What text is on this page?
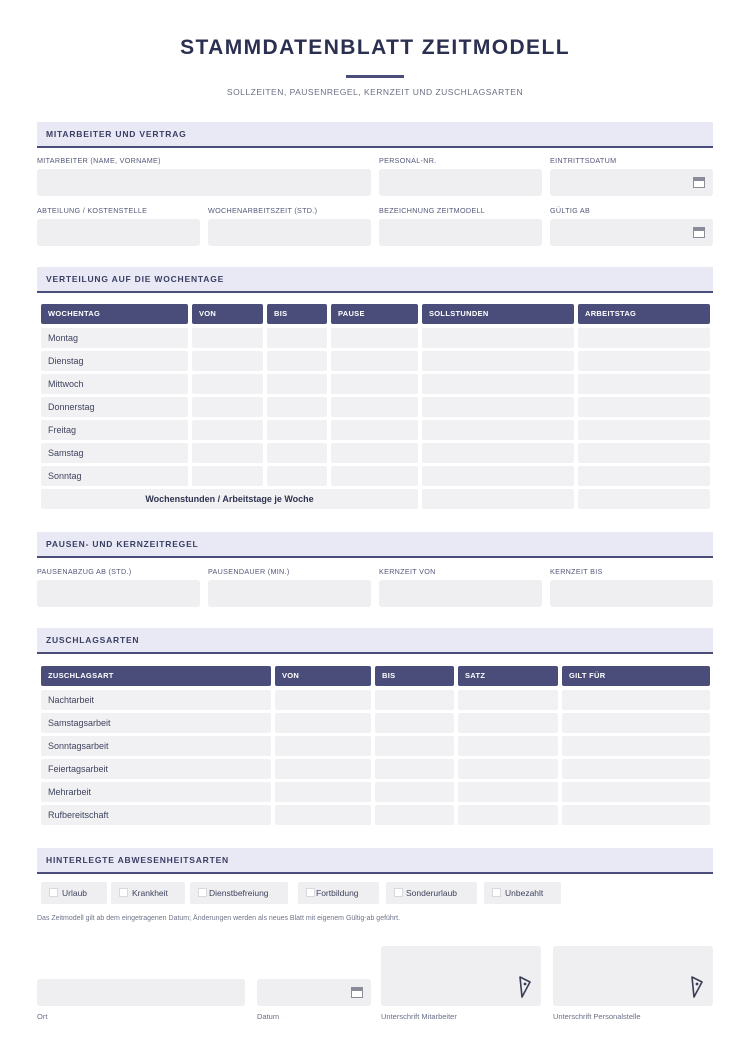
STAMMDATENBLATT ZEITMODELL
SOLLZEITEN, PAUSENREGEL, KERNZEIT UND ZUSCHLAGSARTEN
MITARBEITER UND VERTRAG
MITARBEITER (NAME, VORNAME)	PERSONAL-NR.	EINTRITTSDATUM
ABTEILUNG / KOSTENSTELLE	WOCHENARBEITSZEIT (STD.)	BEZEICHNUNG ZEITMODELL	GÜLTIG AB
VERTEILUNG AUF DIE WOCHENTAGE
WOCHENTAG	VON	BIS	PAUSE	SOLLSTUNDEN	ARBEITSTAG
Montag
Dienstag
Mittwoch
Donnerstag
Freitag
Samstag
Sonntag
Wochenstunden / Arbeitstage je Woche
PAUSEN- UND KERNZEITREGEL
PAUSENABZUG AB (STD.)	PAUSENDAUER (MIN.)	KERNZEIT VON	KERNZEIT BIS
ZUSCHLAGSARTEN
ZUSCHLAGSART	VON	BIS	SATZ	GILT FÜR
Nachtarbeit
Samstagsarbeit
Sonntagsarbeit
Feiertagsarbeit
Mehrarbeit
Rufbereitschaft
HINTERLEGTE ABWESENHEITSARTEN
Urlaub	Krankheit	Dienstbefreiung	Fortbildung	Sonderurlaub	Unbezahlt
Das Zeitmodell gilt ab dem eingetragenen Datum; Änderungen werden als neues Blatt mit eigenem Gültig-ab geführt.
Ort	Datum	Unterschrift Mitarbeiter	Unterschrift Personalstelle
